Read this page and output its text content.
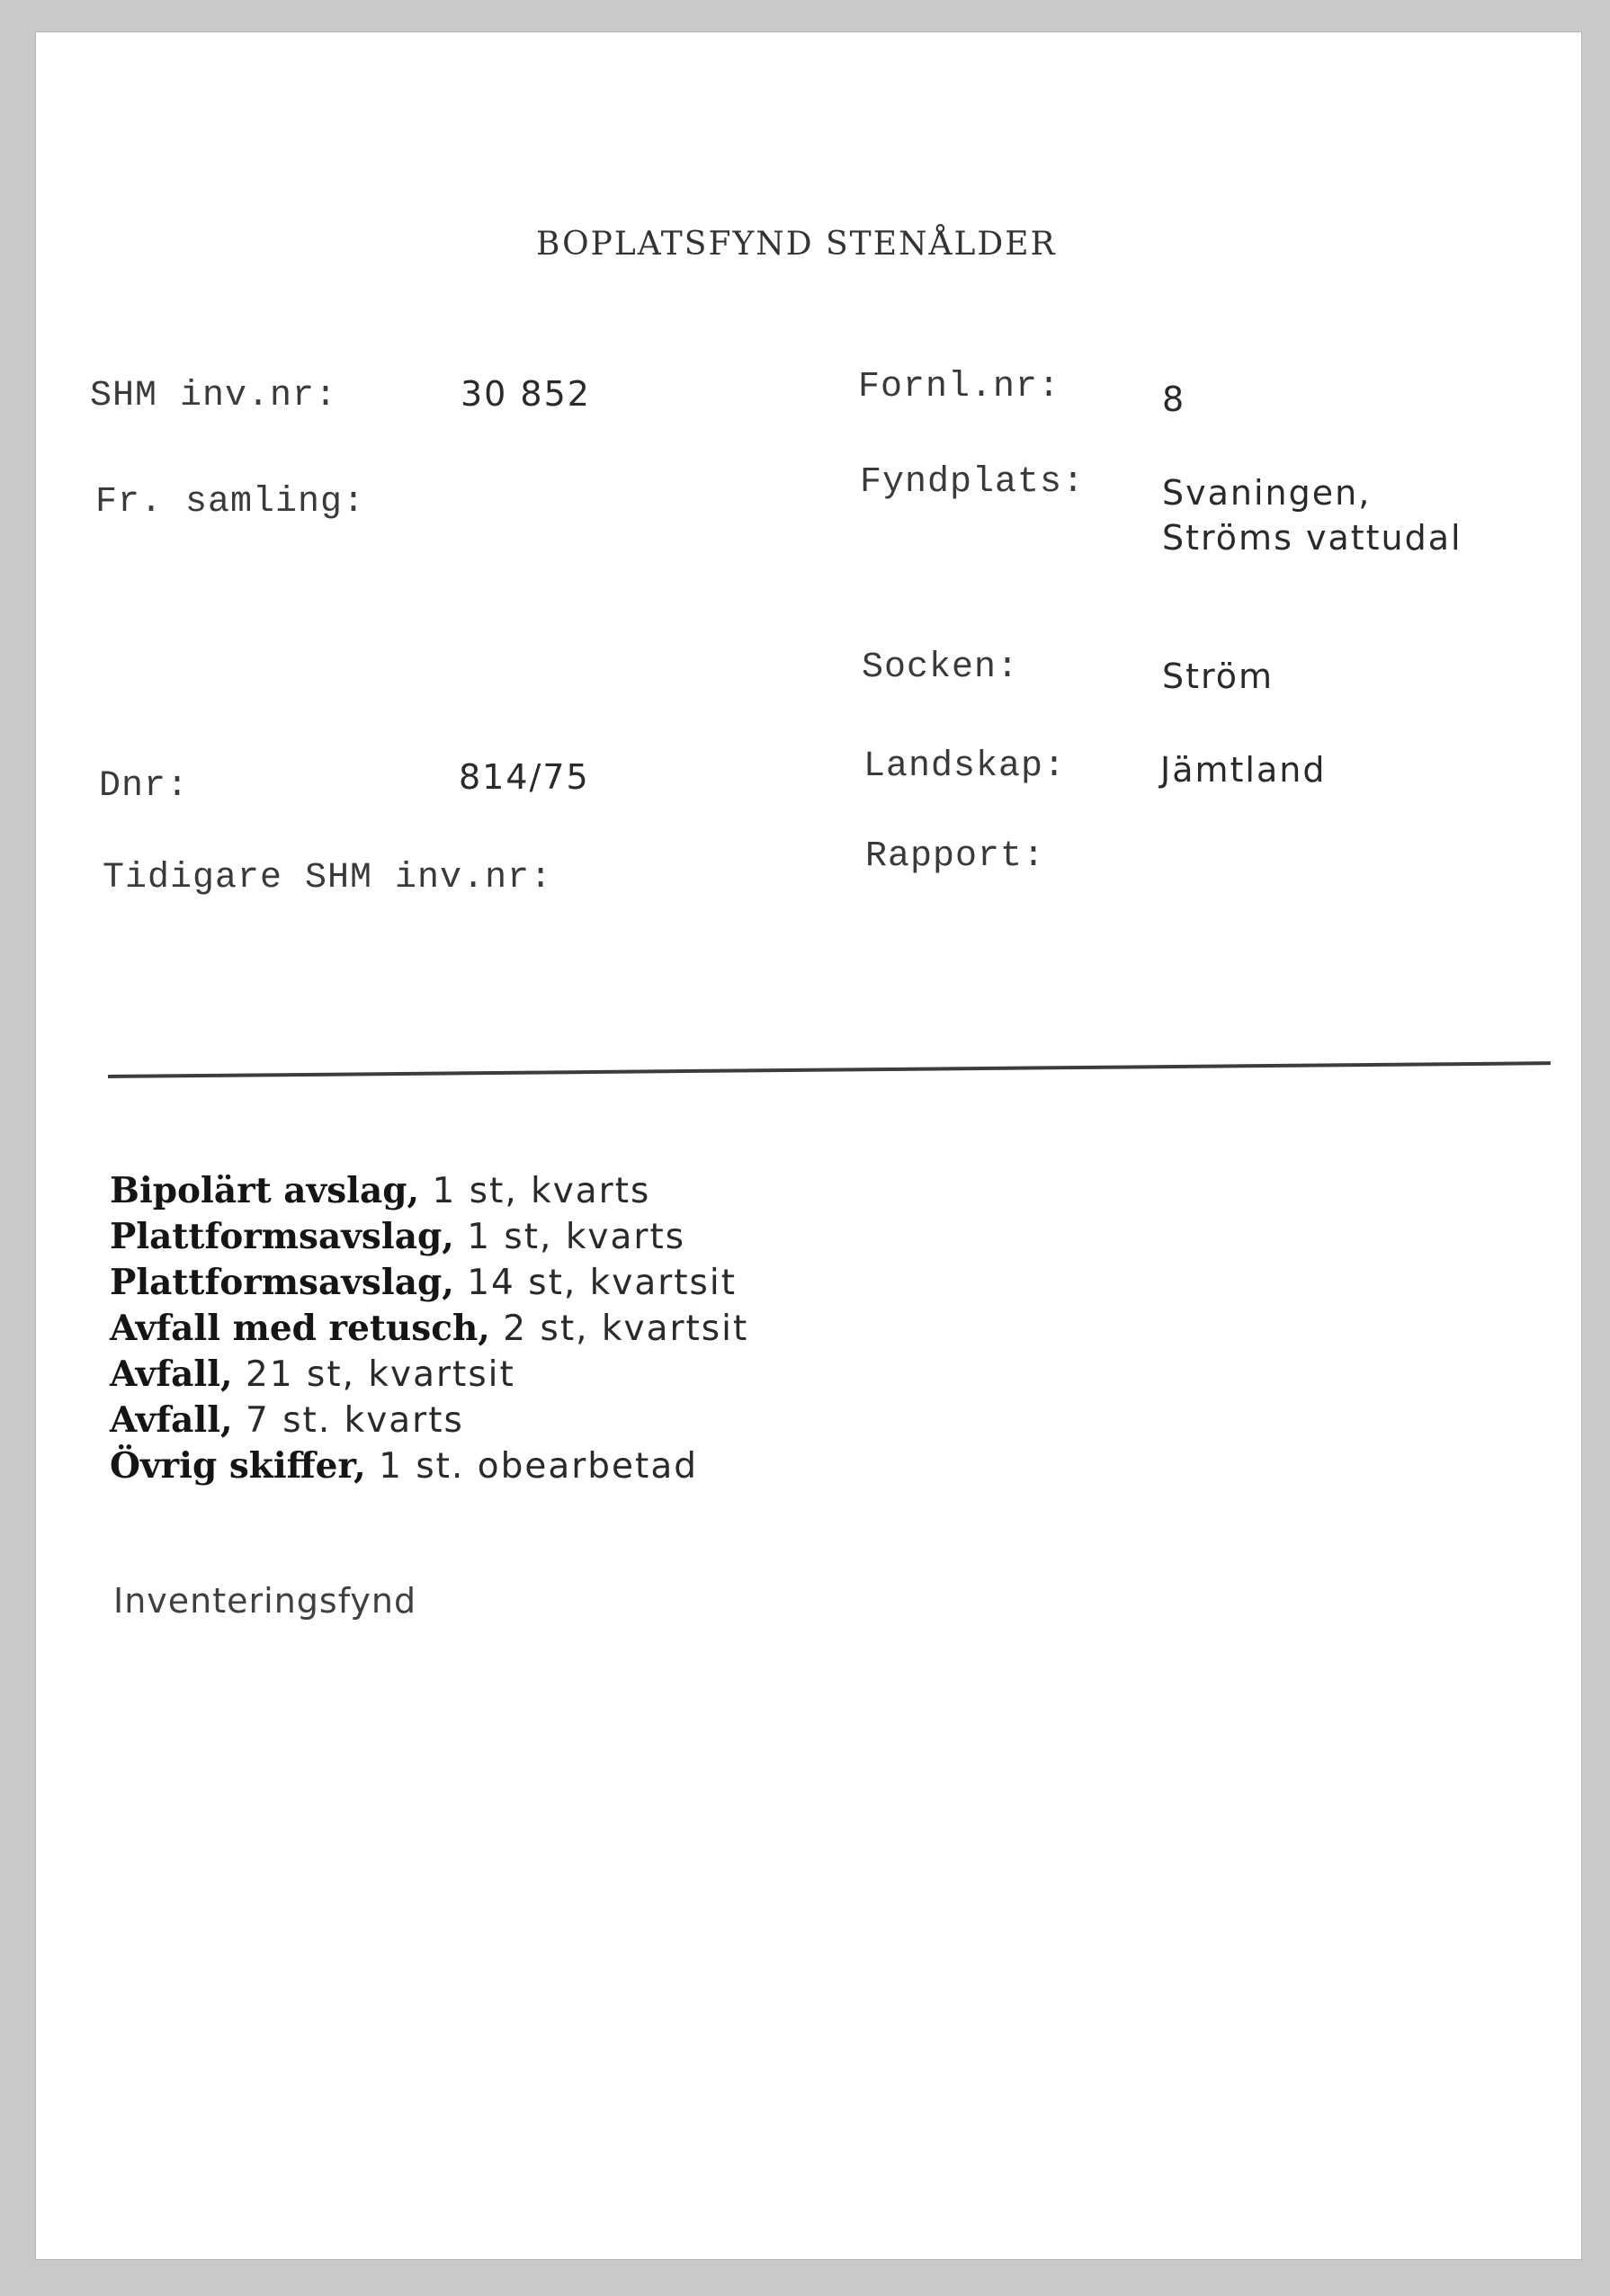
BOPLATSFYND STENÅLDER
SHM inv.nr:	30 852
Fr. samling:
Dnr:	814/75
Tidigare SHM inv.nr:
Fornl.nr:	8
Fyndplats: Svaningen,
Ströms vattudal
Socken:	Ström
Landskap:	Jämtland
Rapport:
Bipolärt avslag, 1 st, kvarts
Plattformsavslag, 1 st, kvarts
Plattformsavslag, 14 st, kvartsit
Avfall med retusch, 2 st, kvartsit
Avfall, 21 st, kvartsit
Avfall, 7 st. kvarts
Övrig skiffer, 1 st. obearbetad
Inventeringsfynd
